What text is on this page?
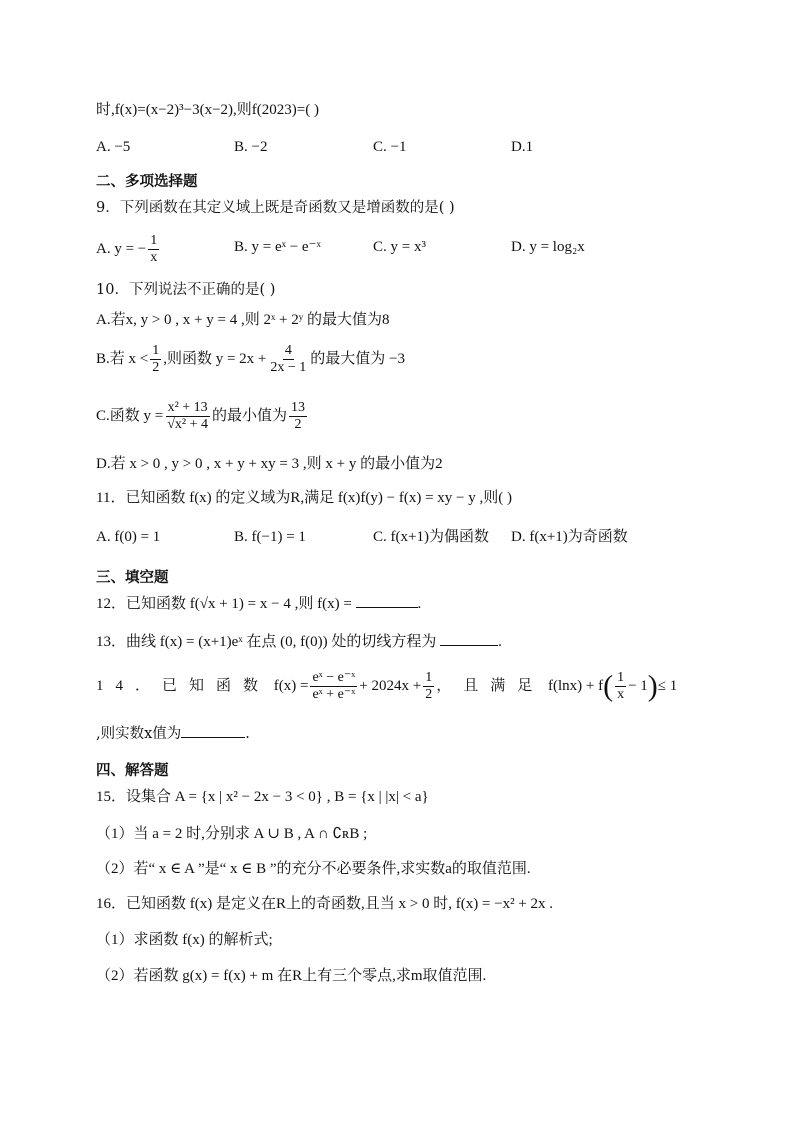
时,f(x)=(x−2)³−3(x−2),则f(2023)=( )
A. −5	B. −2	C. −1	D.1
二、多项选择题
9．下列函数在其定义域上既是奇函数又是增函数的是( )
A. y = − $\frac{1}{x}$	B. y = eˣ − e⁻ˣ	C. y = x³	D. y = log₂x
10．下列说法不正确的是( )
A.若x, y > 0 , x + y = 4 ,则 2ˣ + 2ʸ 的最大值为8
B.若 $x < \frac{1}{2}$ ,则函数 $y = 2x + \frac{4}{2x - 1}$ 的最大值为 −3
C.函数 $y = \frac{\text{x² + 13}}{\text{√x² + 4}}$ 的最小值为 $\frac{13}{2}$
D.若 x > 0 , y > 0 , x + y + xy = 3 ,则 x + y 的最小值为2
11．已知函数 f(x) 的定义域为R,满足 f(x)f(y) − f(x) = xy − y ,则( )
A. f(0) = 1	B. f(−1) = 1	C. f(x+1)为偶函数 D. f(x+1)为奇函数
三、填空题
12．已知函数 f(√x + 1) = x − 4 ,则 f(x) =	.
13．曲线 f(x) = (x+1)eˣ 在点 (0, f(0)) 处的切线方程为	.
14．已知函数 $f(x) = \frac{\text{eˣ − e⁻ˣ}}{\text{eˣ + e⁻ˣ}} + 2024x + \frac{1}{2}$ ，且满足 $f(\ln x) + f( \frac{1}{x} - 1)\le 1$
,则实数x值为	.
四、解答题
15．设集合 A = {x | x² − 2x − 3 < 0} , B = {x | |x| < a}
（1）当 a = 2 时,分别求 A ∪ B , A ∩ ∁ʀB ;
（2）若“ x ∈ A ”是“ x ∈ B ”的充分不必要条件,求实数a的取值范围.
16．已知函数 f(x) 是定义在R上的奇函数,且当 x > 0 时, f(x) = −x² + 2x .
（1）求函数 f(x) 的解析式;
（2）若函数 g(x) = f(x) + m 在R上有三个零点,求m取值范围.
